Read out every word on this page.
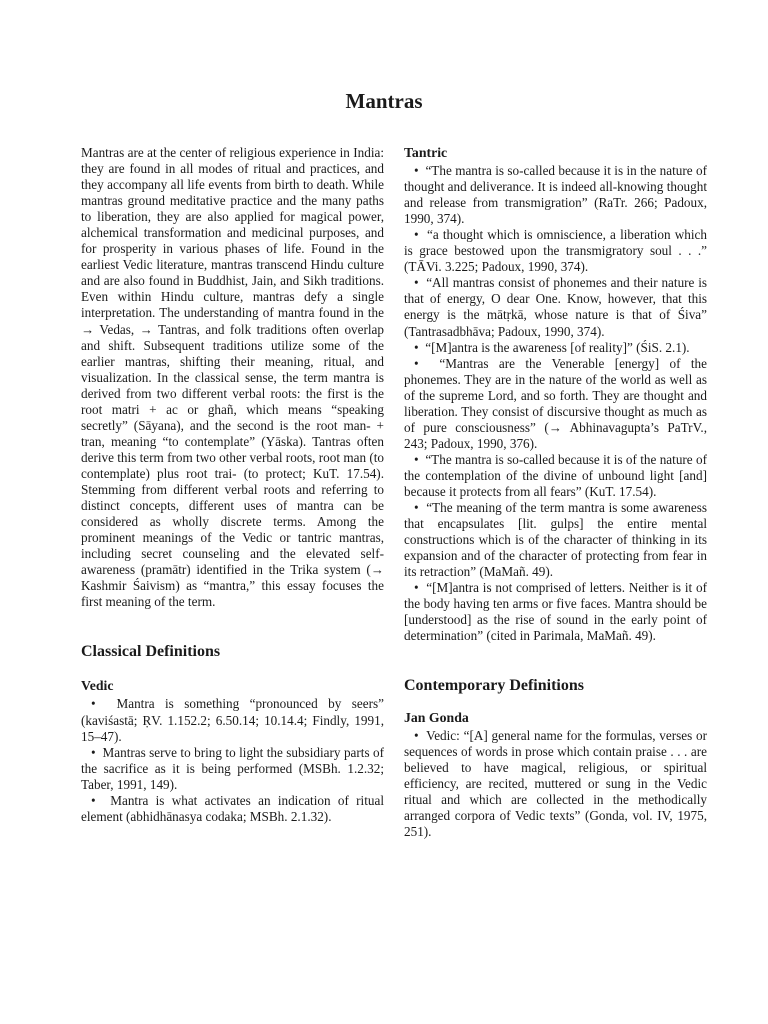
Mantras

Mantras are at the center of religious experience in India: they are found in all modes of ritual and practices, and they accompany all life events from birth to death. While mantras ground meditative practice and the many paths to liberation, they are also applied for magical power, alchemical transformation and medicinal purposes, and for prosperity in various phases of life. Found in the earliest Vedic literature, mantras transcend Hindu culture and are also found in Buddhist, Jain, and Sikh traditions. Even within Hindu culture, mantras defy a single interpretation. The understanding of mantra found in the → Vedas, → Tantras, and folk traditions often overlap and shift. Subsequent traditions utilize some of the earlier mantras, shifting their meaning, ritual, and visualization. In the classical sense, the term mantra is derived from two different verbal roots: the first is the root matri + ac or ghañ, which means “speaking secretly” (Sāyana), and the second is the root man- + tran, meaning “to contemplate” (Yāska). Tantras often derive this term from two other verbal roots, root man (to contemplate) plus root trai- (to protect; KuT. 17.54). Stemming from different verbal roots and referring to distinct concepts, different uses of mantra can be considered as wholly discrete terms. Among the prominent meanings of the Vedic or tantric mantras, including secret counseling and the elevated self-awareness (pramātr) identified in the Trika system (→ Kashmir Śaivism) as “mantra,” this essay focuses the first meaning of the term.

Classical Definitions
Vedic

•  Mantra is something “pronounced by seers” (kaviśastā; ṚV. 1.152.2; 6.50.14; 10.14.4; Findly, 1991, 15–47).

•  Mantras serve to bring to light the subsidiary parts of the sacrifice as it is being performed (MSBh. 1.2.32; Taber, 1991, 149).

•  Mantra is what activates an indication of ritual element (abhidhānasya codaka; MSBh. 2.1.32).

Tantric

•  “The mantra is so-called because it is in the nature of thought and deliverance. It is indeed all-knowing thought and release from transmigration” (RaTr. 266; Padoux, 1990, 374).

•  “a thought which is omniscience, a liberation which is grace bestowed upon the transmigratory soul . . .” (TĀVi. 3.225; Padoux, 1990, 374).

•  “All mantras consist of phonemes and their nature is that of energy, O dear One. Know, however, that this energy is the mātṛkā, whose nature is that of Śiva” (Tantrasadbhāva; Padoux, 1990, 374).

•  “[M]antra is the awareness [of reality]” (ŚiS. 2.1).

•  “Mantras are the Venerable [energy] of the phonemes. They are in the nature of the world as well as of the supreme Lord, and so forth. They are thought and liberation. They consist of discursive thought as much as of pure consciousness” (→ Abhinavagupta’s PaTrV., 243; Padoux, 1990, 376).

•  “The mantra is so-called because it is of the nature of the contemplation of the divine of unbound light [and] because it protects from all fears” (KuT. 17.54).

•  “The meaning of the term mantra is some awareness that encapsulates [lit. gulps] the entire mental constructions which is of the character of thinking in its expansion and of the character of protecting from fear in its retraction” (MaMañ. 49).

•  “[M]antra is not comprised of letters. Neither is it of the body having ten arms or five faces. Mantra should be [understood] as the rise of sound in the early point of determination” (cited in Parimala, MaMañ. 49).

Contemporary Definitions
Jan Gonda

•  Vedic: “[A] general name for the formulas, verses or sequences of words in prose which contain praise . . . are believed to have magical, religious, or spiritual efficiency, are recited, muttered or sung in the Vedic ritual and which are collected in the methodically arranged corpora of Vedic texts” (Gonda, vol. IV, 1975, 251).
